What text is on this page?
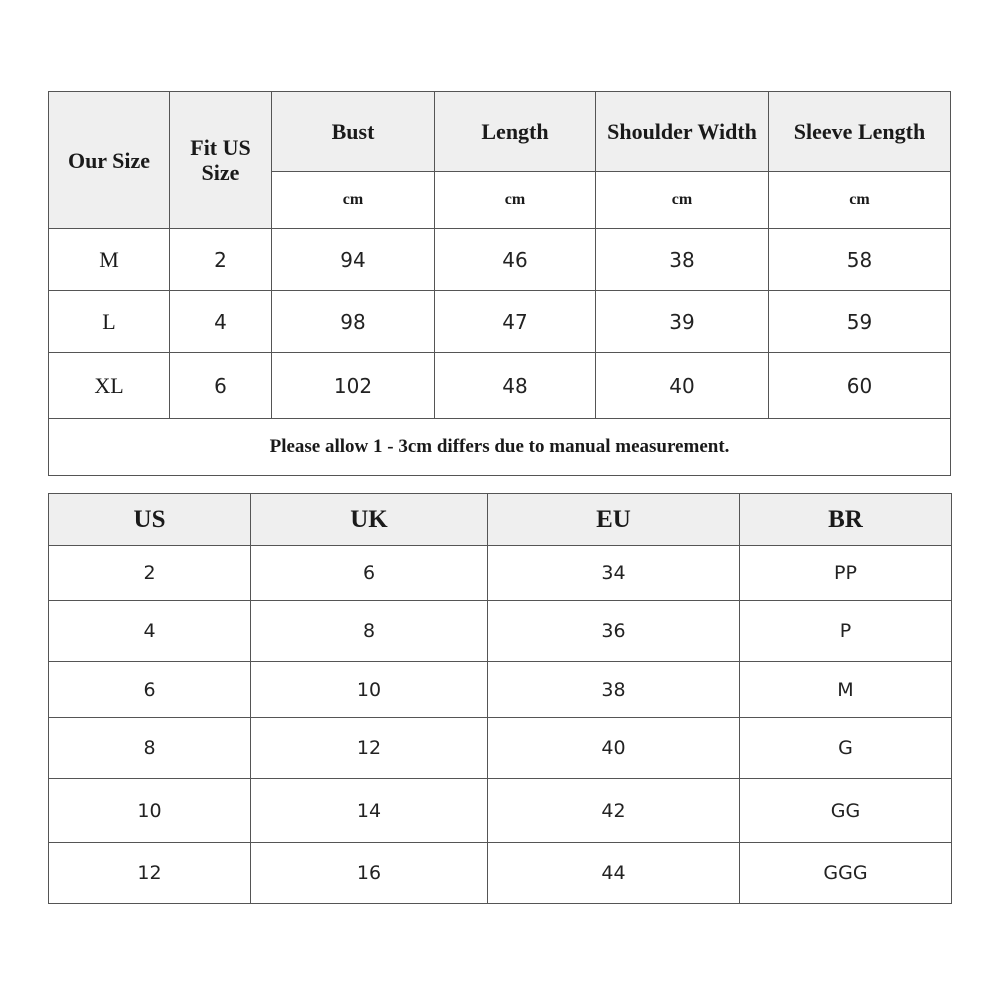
Our Size	Fit US Size	Bust	Length	Shoulder Width	Sleeve Length
		cm	cm	cm	cm
M	2	94	46	38	58
L	4	98	47	39	59
XL	6	102	48	40	60
Please allow 1 - 3cm differs due to manual measurement.					
US	UK	EU	BR
2	6	34	PP
4	8	36	P
6	10	38	M
8	12	40	G
10	14	42	GG
12	16	44	GGG
